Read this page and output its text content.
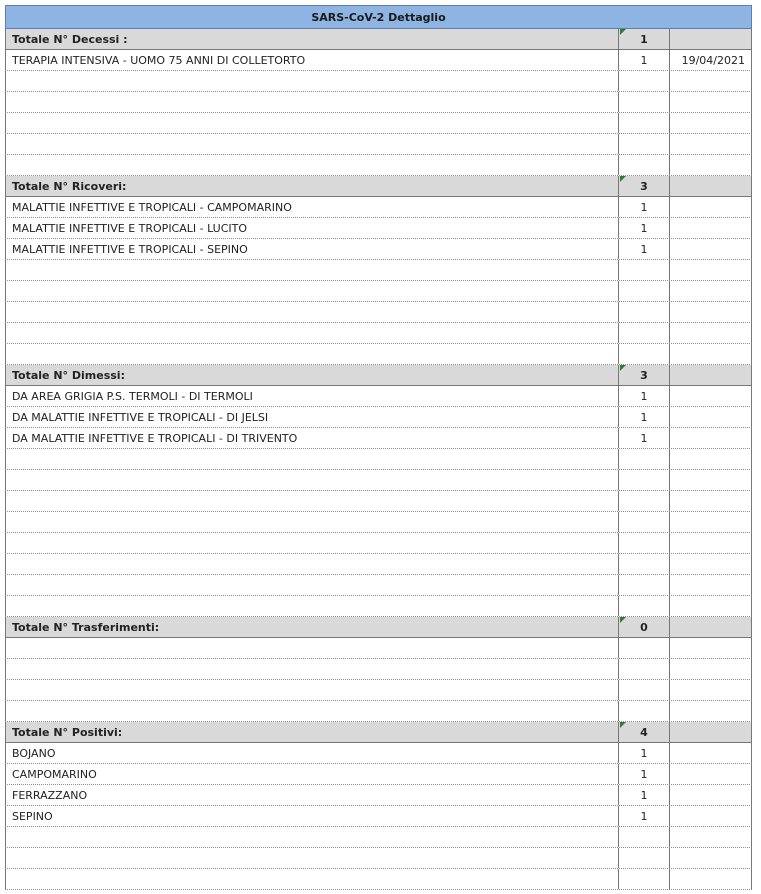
SARS-CoV-2 Dettaglio
Totale N° Decessi :	1
TERAPIA INTENSIVA - UOMO 75 ANNI DI COLLETORTO	1	19/04/2021
Totale N° Ricoveri:	3
MALATTIE INFETTIVE E TROPICALI - CAMPOMARINO	1
MALATTIE INFETTIVE E TROPICALI - LUCITO	1
MALATTIE INFETTIVE E TROPICALI - SEPINO	1
Totale N° Dimessi:	3
DA AREA GRIGIA P.S. TERMOLI - DI TERMOLI	1
DA MALATTIE INFETTIVE E TROPICALI - DI JELSI	1
DA MALATTIE INFETTIVE E TROPICALI - DI TRIVENTO	1
Totale N° Trasferimenti:	0
Totale N° Positivi:	4
BOJANO	1
CAMPOMARINO	1
FERRAZZANO	1
SEPINO	1
